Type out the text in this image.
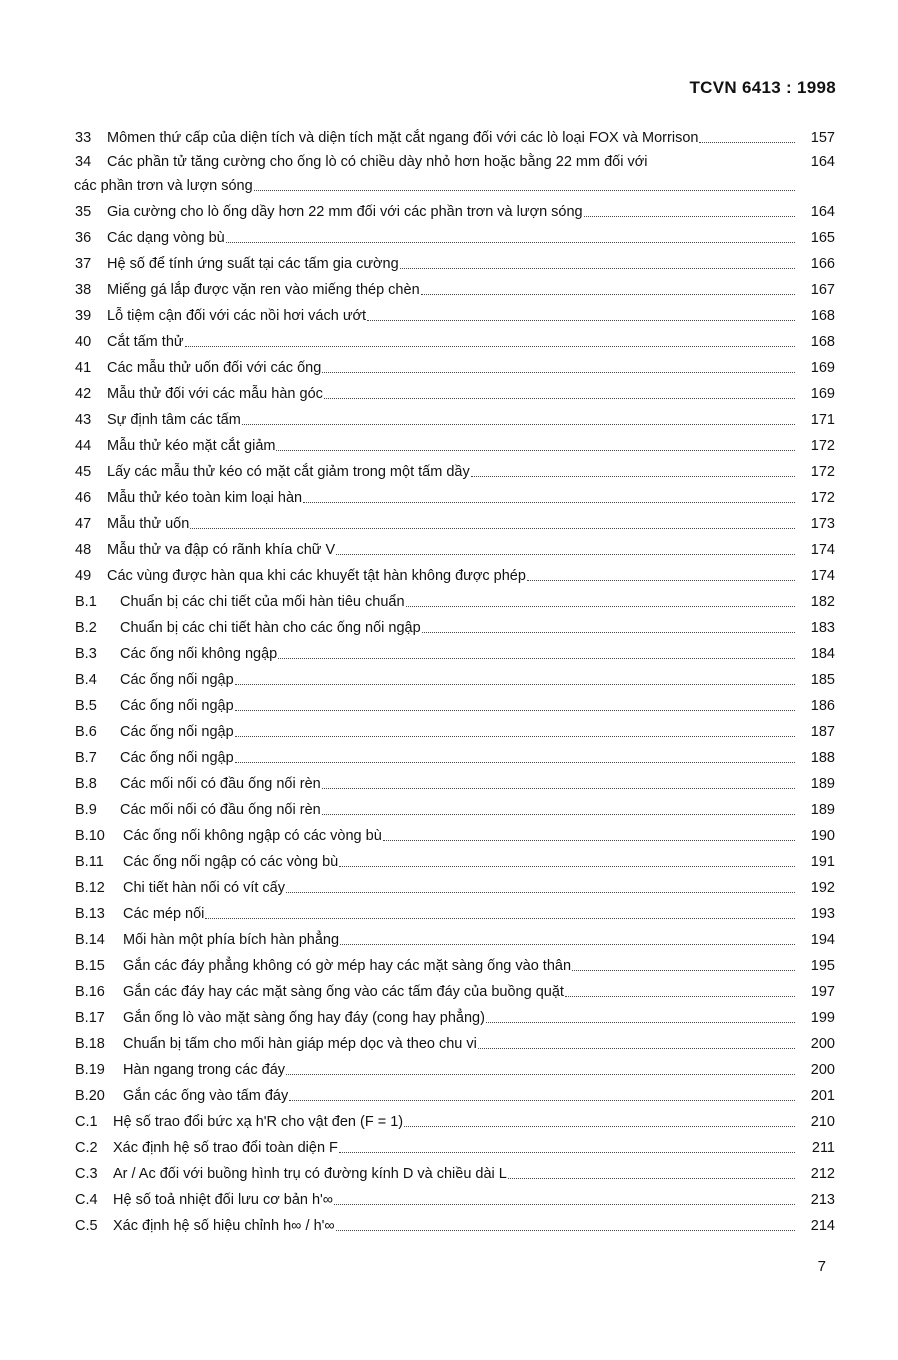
TCVN 6413 : 1998
33	Mômen thứ cấp của diện tích và diện tích mặt cắt ngang đối với các lò loại FOX và Morrison	157
34	Các phần tử tăng cường cho ống lò có chiều dày nhỏ hơn hoặc bằng 22 mm đối với	164
các phần trơn và lượn sóng
35	Gia cường cho lò ống dầy hơn 22 mm đối với các phần trơn và lượn sóng	164
36	Các dạng vòng bù	165
37	Hệ số để tính ứng suất tại các tấm gia cường	166
38	Miếng gá lắp được vặn ren vào miếng thép chèn	167
39	Lỗ tiệm cận đối với các nồi hơi vách ướt	168
40	Cắt tấm thử	168
41	Các mẫu thử uốn đối với các ống	169
42	Mẫu thử đối với các mẫu hàn góc	169
43	Sự định tâm các tấm	171
44	Mẫu thử kéo mặt cắt giảm	172
45	Lấy các mẫu thử kéo có mặt cắt giảm trong một tấm dầy	172
46	Mẫu thử kéo toàn kim loại hàn	172
47	Mẫu thử uốn	173
48	Mẫu thử va đập có rãnh khía chữ V	174
49	Các vùng được hàn qua khi các khuyết tật hàn không được phép	174
B.1	Chuẩn bị các chi tiết của mối hàn tiêu chuẩn	182
B.2	Chuẩn bị các chi tiết hàn cho các ống nối ngập	183
B.3	Các ống nối không ngập	184
B.4	Các ống nối ngập	185
B.5	Các ống nối ngập	186
B.6	Các ống nối ngập	187
B.7	Các ống nối ngập	188
B.8	Các mối nối có đầu ống nối rèn	189
B.9	Các mối nối có đầu ống nối rèn	189
B.10	Các ống nối không ngập có các vòng bù	190
B.11	Các ống nối ngập có các vòng bù	191
B.12	Chi tiết hàn nối có vít cấy	192
B.13	Các mép nối	193
B.14	Mối hàn một phía bích hàn phẳng	194
B.15	Gắn các đáy phẳng không có gờ mép hay các mặt sàng ống vào thân	195
B.16	Gắn các đáy hay các mặt sàng ống vào các tấm đáy của buồng quặt	197
B.17	Gắn ống lò vào mặt sàng ống hay đáy (cong hay phẳng)	199
B.18	Chuẩn bị tấm cho mối hàn giáp mép dọc và theo chu vi	200
B.19	Hàn ngang trong các đáy	200
B.20	Gắn các ống vào tấm đáy	201
C.1	Hệ số trao đổi bức xạ h'R cho vật đen (F = 1)	210
C.2	Xác định hệ số trao đổi toàn diện F	211
C.3	Ar / Ac đối với buồng hình trụ có đường kính D và chiều dài L	212
C.4	Hệ số toả nhiệt đối lưu cơ bản h'∞	213
C.5	Xác định hệ số hiệu chỉnh h∞ / h'∞	214
7
